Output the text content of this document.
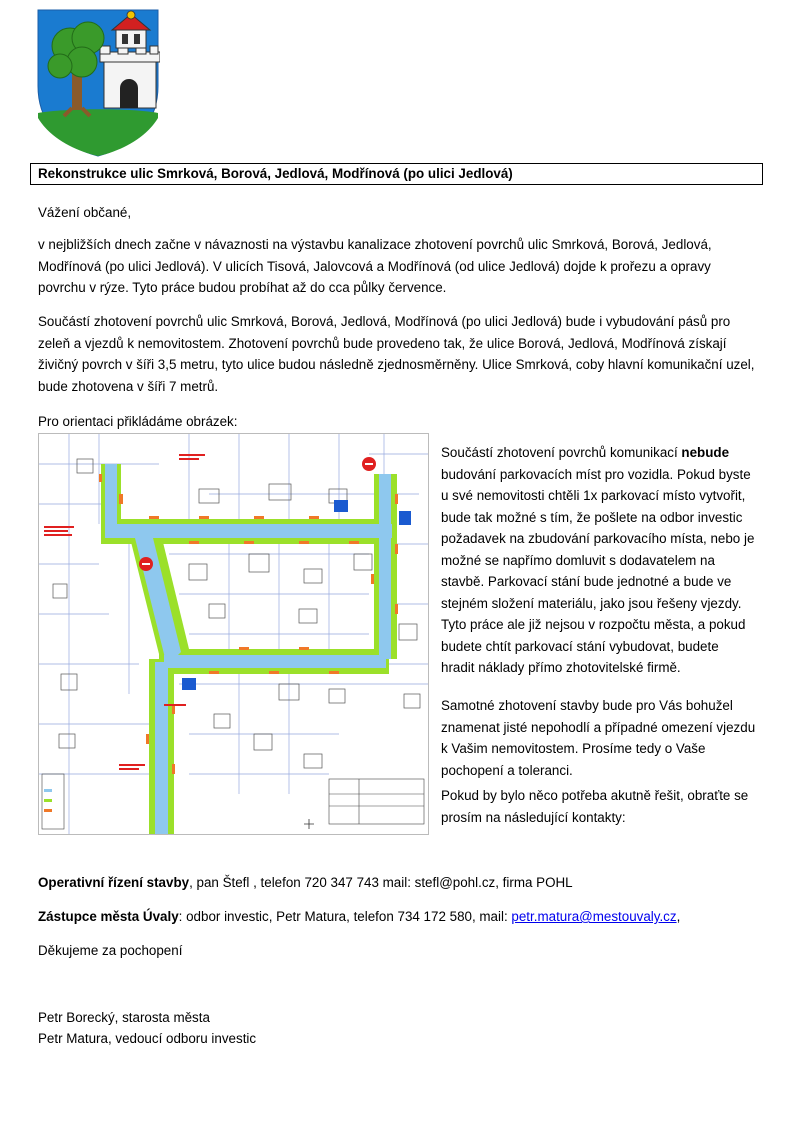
Rekonstrukce ulic Smrková, Borová, Jedlová, Modřínová (po ulici Jedlová)

Vážení občané,

v nejbližších dnech začne v návaznosti na výstavbu kanalizace zhotovení povrchů ulic Smrková, Borová, Jedlová,

Modřínová (po ulici Jedlová). V ulicích Tisová, Jalovcová a Modřínová (od ulice Jedlová) dojde k prořezu a opravy

povrchu v rýze. Tyto práce budou probíhat až do cca půlky července.

Součástí zhotovení povrchů ulic Smrková, Borová, Jedlová, Modřínová (po ulici Jedlová) bude i vybudování pásů pro

zeleň a vjezdů k nemovitostem. Zhotovení povrchů bude provedeno tak, že ulice Borová, Jedlová, Modřínová získají

živičný povrch v šíři 3,5 metru, tyto ulice budou následně zjednosměrněny. Ulice Smrková, coby hlavní komunikační uzel,

bude zhotovena v šíři 7 metrů.

Pro orientaci přikládáme obrázek:

Součástí zhotovení povrchů komunikací nebude

budování parkovacích míst pro vozidla. Pokud byste

u své nemovitosti chtěli 1x parkovací místo vytvořit,

bude tak možné s tím, že pošlete na odbor investic

požadavek na zbudování parkovacího místa, nebo je

možné se napřímo domluvit s dodavatelem na

stavbě. Parkovací stání bude jednotné a bude ve

stejném složení materiálu, jako jsou řešeny vjezdy.

Tyto práce ale již nejsou v rozpočtu města, a pokud

budete chtít parkovací stání vybudovat, budete

hradit náklady přímo zhotovitelské firmě.

Samotné zhotovení stavby bude pro Vás bohužel

znamenat jisté nepohodlí a případné omezení vjezdu

k Vašim nemovitostem. Prosíme tedy o Vaše

pochopení a toleranci.

Pokud by bylo něco potřeba akutně řešit, obraťte se

prosím na následující kontakty:

Operativní řízení stavby, pan Štefl , telefon 720 347 743 mail: stefl@pohl.cz, firma POHL

Zástupce města Úvaly: odbor investic, Petr Matura, telefon 734 172 580, mail: petr.matura@mestouvaly.cz,

Děkujeme za pochopení

Petr Borecký, starosta města

Petr Matura, vedoucí odboru investic
